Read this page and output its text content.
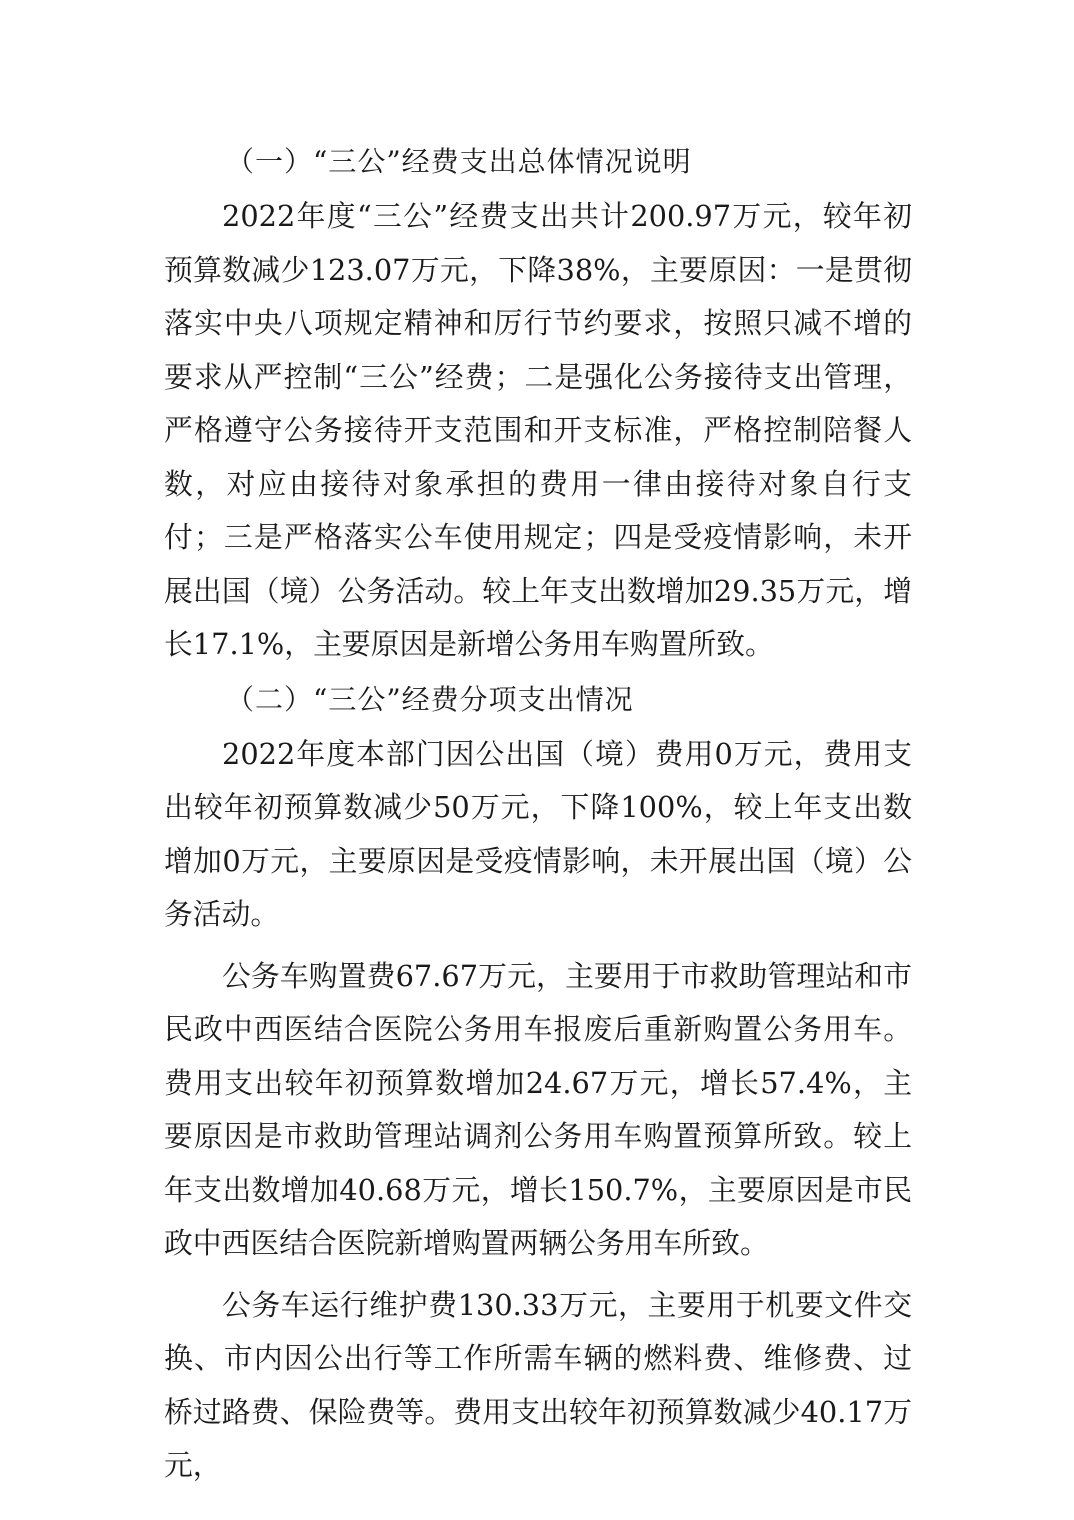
（一）“三公”经费支出总体情况说明

2022年度“三公”经费支出共计200.97万元，较年初预算数减少123.07万元，下降38%，主要原因：一是贯彻落实中央八项规定精神和厉行节约要求，按照只减不增的要求从严控制“三公”经费；二是强化公务接待支出管理，严格遵守公务接待开支范围和开支标准，严格控制陪餐人数，对应由接待对象承担的费用一律由接待对象自行支付；三是严格落实公车使用规定；四是受疫情影响，未开展出国（境）公务活动。较上年支出数增加29.35万元，增长17.1%，主要原因是新增公务用车购置所致。

（二）“三公”经费分项支出情况

2022年度本部门因公出国（境）费用0万元，费用支出较年初预算数减少50万元，下降100%，较上年支出数增加0万元，主要原因是受疫情影响，未开展出国（境）公务活动。

公务车购置费67.67万元，主要用于市救助管理站和市民政中西医结合医院公务用车报废后重新购置公务用车。费用支出较年初预算数增加24.67万元，增长57.4%，主要原因是市救助管理站调剂公务用车购置预算所致。较上年支出数增加40.68万元，增长150.7%，主要原因是市民政中西医结合医院新增购置两辆公务用车所致。

公务车运行维护费130.33万元，主要用于机要文件交换、市内因公出行等工作所需车辆的燃料费、维修费、过桥过路费、保险费等。费用支出较年初预算数减少40.17万元，
